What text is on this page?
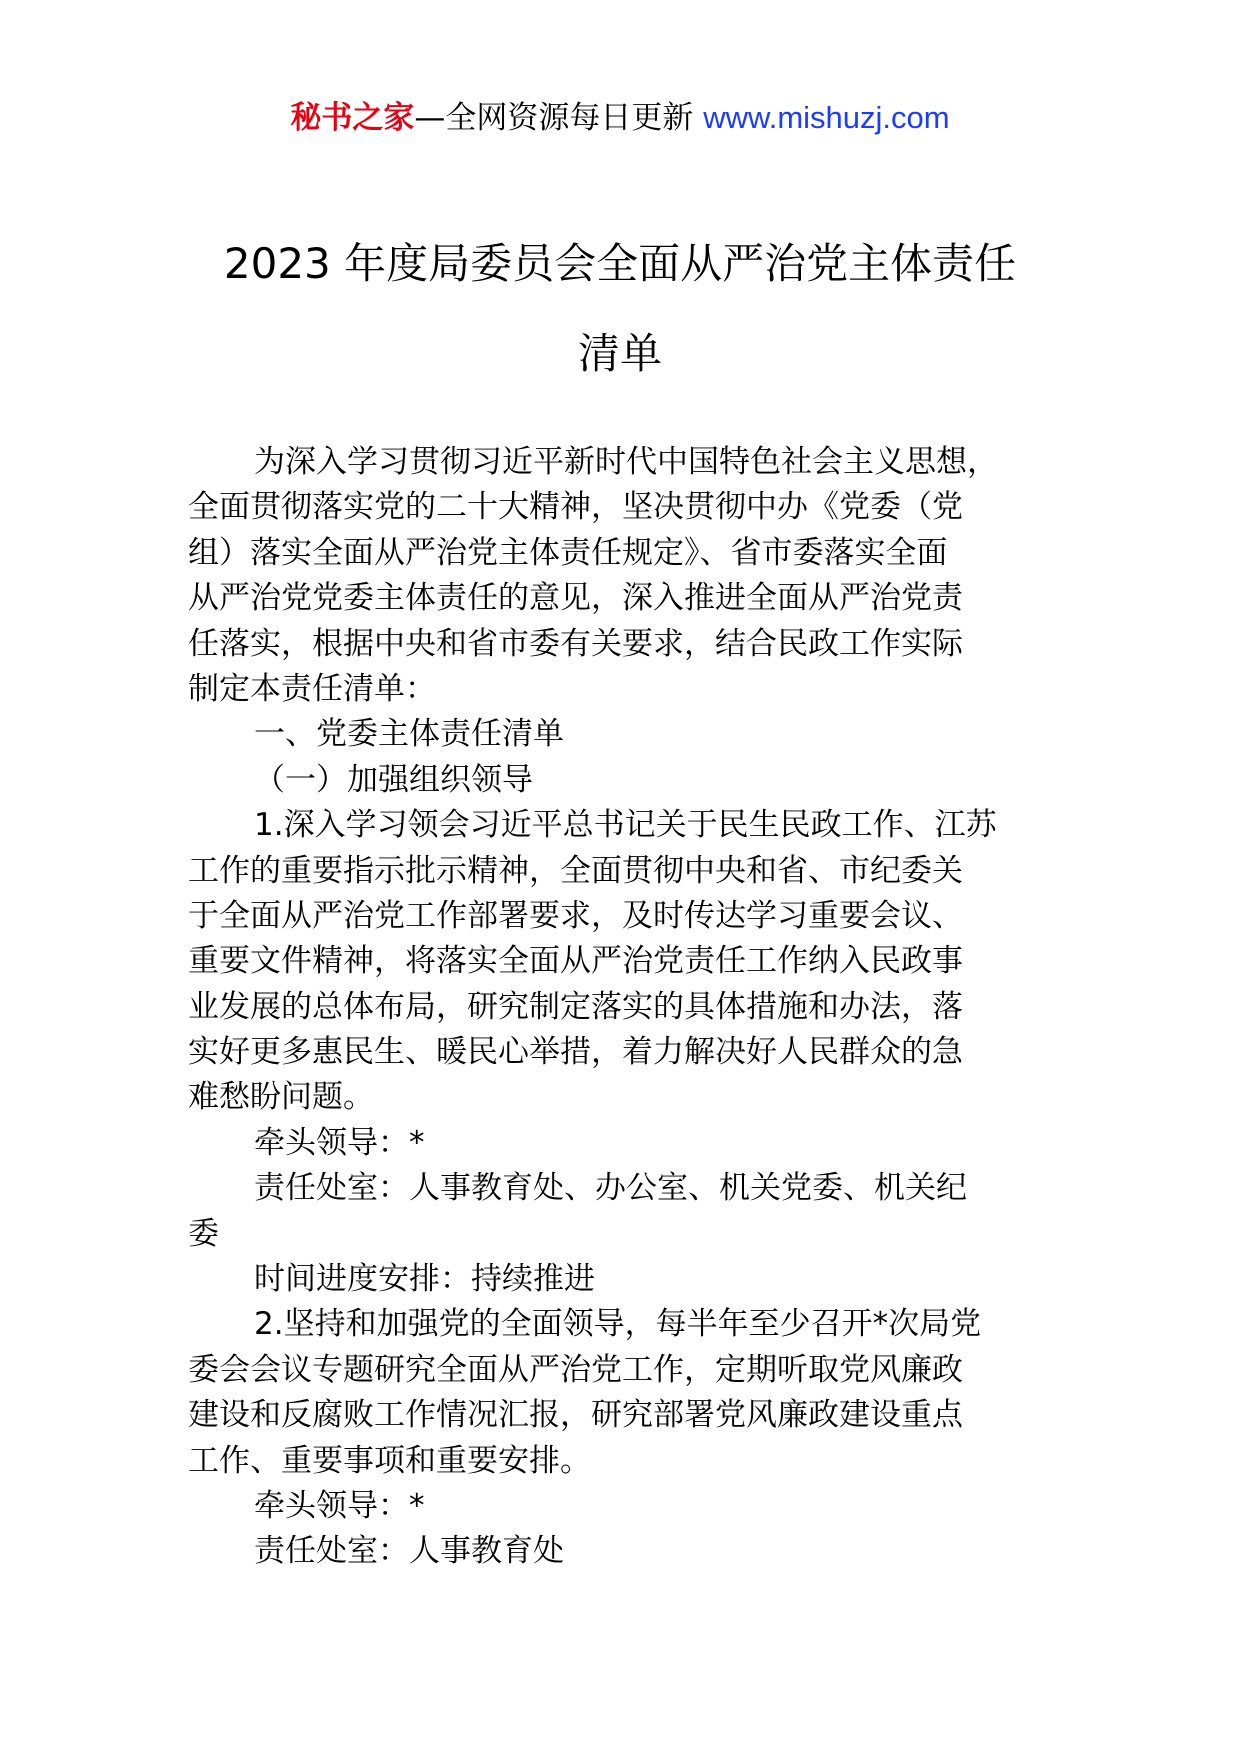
秘书之家—全网资源每日更新 www.mishuzj.com
2023 年度局委员会全面从严治党主体责任
清单
为深入学习贯彻习近平新时代中国特色社会主义思想，
全面贯彻落实党的二十大精神，坚决贯彻中办《党委（党
组）落实全面从严治党主体责任规定》、省市委落实全面
从严治党党委主体责任的意见，深入推进全面从严治党责
任落实，根据中央和省市委有关要求，结合民政工作实际
制定本责任清单：
一、党委主体责任清单
（一）加强组织领导
1.深入学习领会习近平总书记关于民生民政工作、江苏
工作的重要指示批示精神，全面贯彻中央和省、市纪委关
于全面从严治党工作部署要求，及时传达学习重要会议、
重要文件精神，将落实全面从严治党责任工作纳入民政事
业发展的总体布局，研究制定落实的具体措施和办法，落
实好更多惠民生、暖民心举措，着力解决好人民群众的急
难愁盼问题。
牵头领导：*
责任处室：人事教育处、办公室、机关党委、机关纪
委
时间进度安排：持续推进
2.坚持和加强党的全面领导，每半年至少召开*次局党
委会会议专题研究全面从严治党工作，定期听取党风廉政
建设和反腐败工作情况汇报，研究部署党风廉政建设重点
工作、重要事项和重要安排。
牵头领导：*
责任处室：人事教育处
